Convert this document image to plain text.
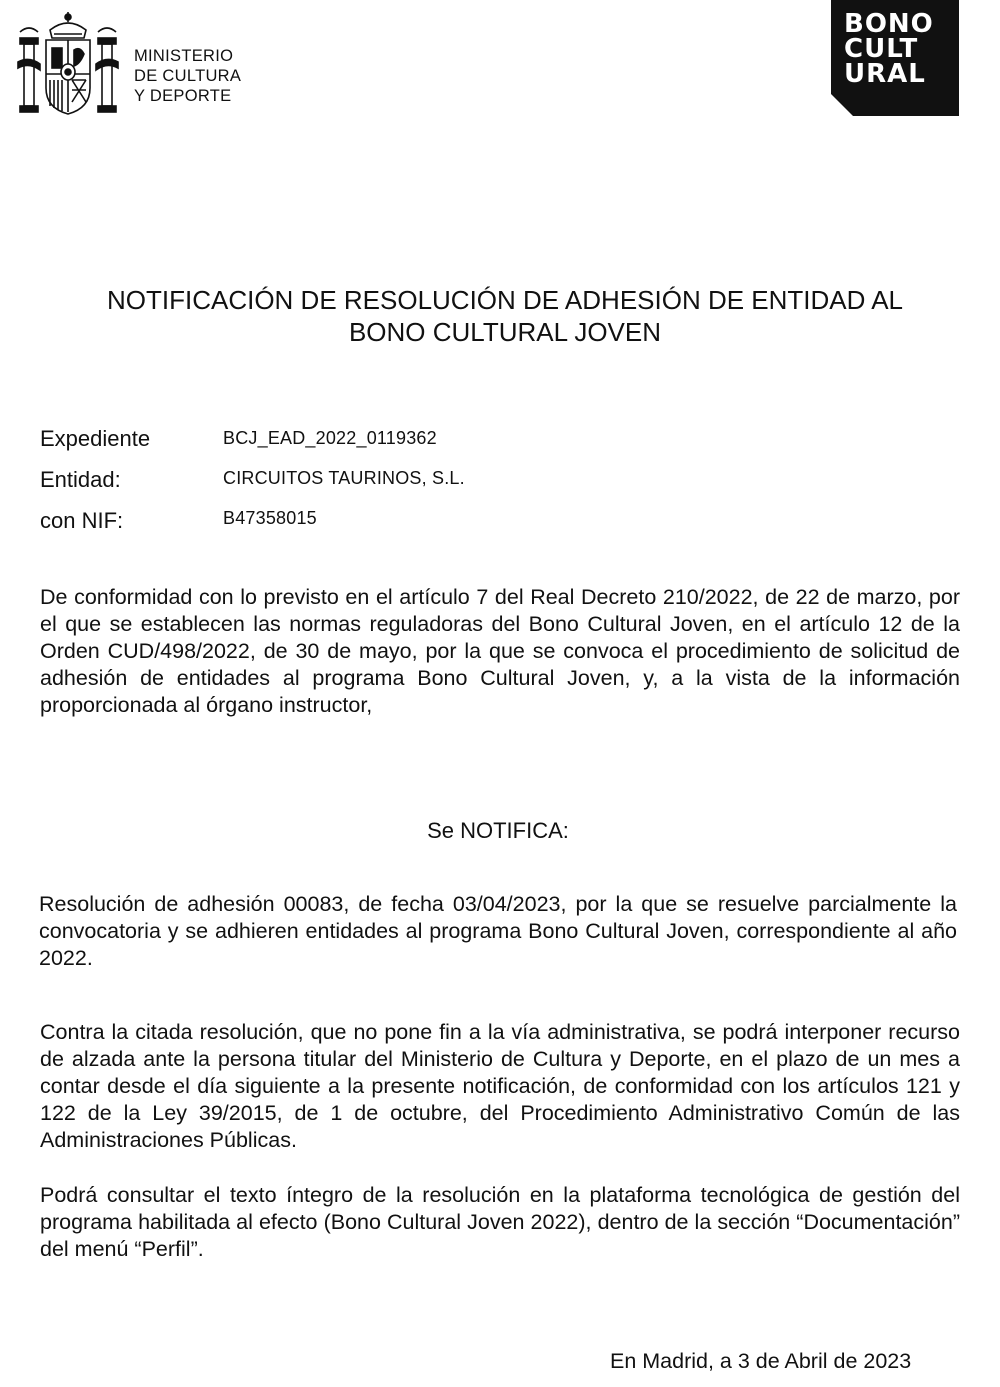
MINISTERIO
DE CULTURA
Y DEPORTE
BONO
CULT
URAL
NOTIFICACIÓN DE RESOLUCIÓN DE ADHESIÓN DE ENTIDAD AL
BONO CULTURAL JOVEN
Expediente	BCJ_EAD_2022_0119362
Entidad:	CIRCUITOS TAURINOS, S.L.
con NIF:	B47358015
De conformidad con lo previsto en el artículo 7 del Real Decreto 210/2022, de 22 de marzo, por el que se establecen las normas reguladoras del Bono Cultural Joven, en el artículo 12 de la Orden CUD/498/2022, de 30 de mayo, por la que se convoca el procedimiento de solicitud de adhesión de entidades al programa Bono Cultural Joven, y, a la vista de la información proporcionada al órgano instructor,
Se NOTIFICA:
Resolución de adhesión 00083, de fecha 03/04/2023, por la que se resuelve parcialmente la convocatoria y se adhieren entidades al programa Bono Cultural Joven, correspondiente al año 2022.
Contra la citada resolución, que no pone fin a la vía administrativa, se podrá interponer recurso de alzada ante la persona titular del Ministerio de Cultura y Deporte, en el plazo de un mes a contar desde el día siguiente a la presente notificación, de conformidad con los artículos 121 y 122 de la Ley 39/2015, de 1 de octubre, del Procedimiento Administrativo Común de las Administraciones Públicas.
Podrá consultar el texto íntegro de la resolución en la plataforma tecnológica de gestión del programa habilitada al efecto (Bono Cultural Joven 2022), dentro de la sección “Documentación” del menú “Perfil”.
En Madrid, a 3 de Abril de 2023
